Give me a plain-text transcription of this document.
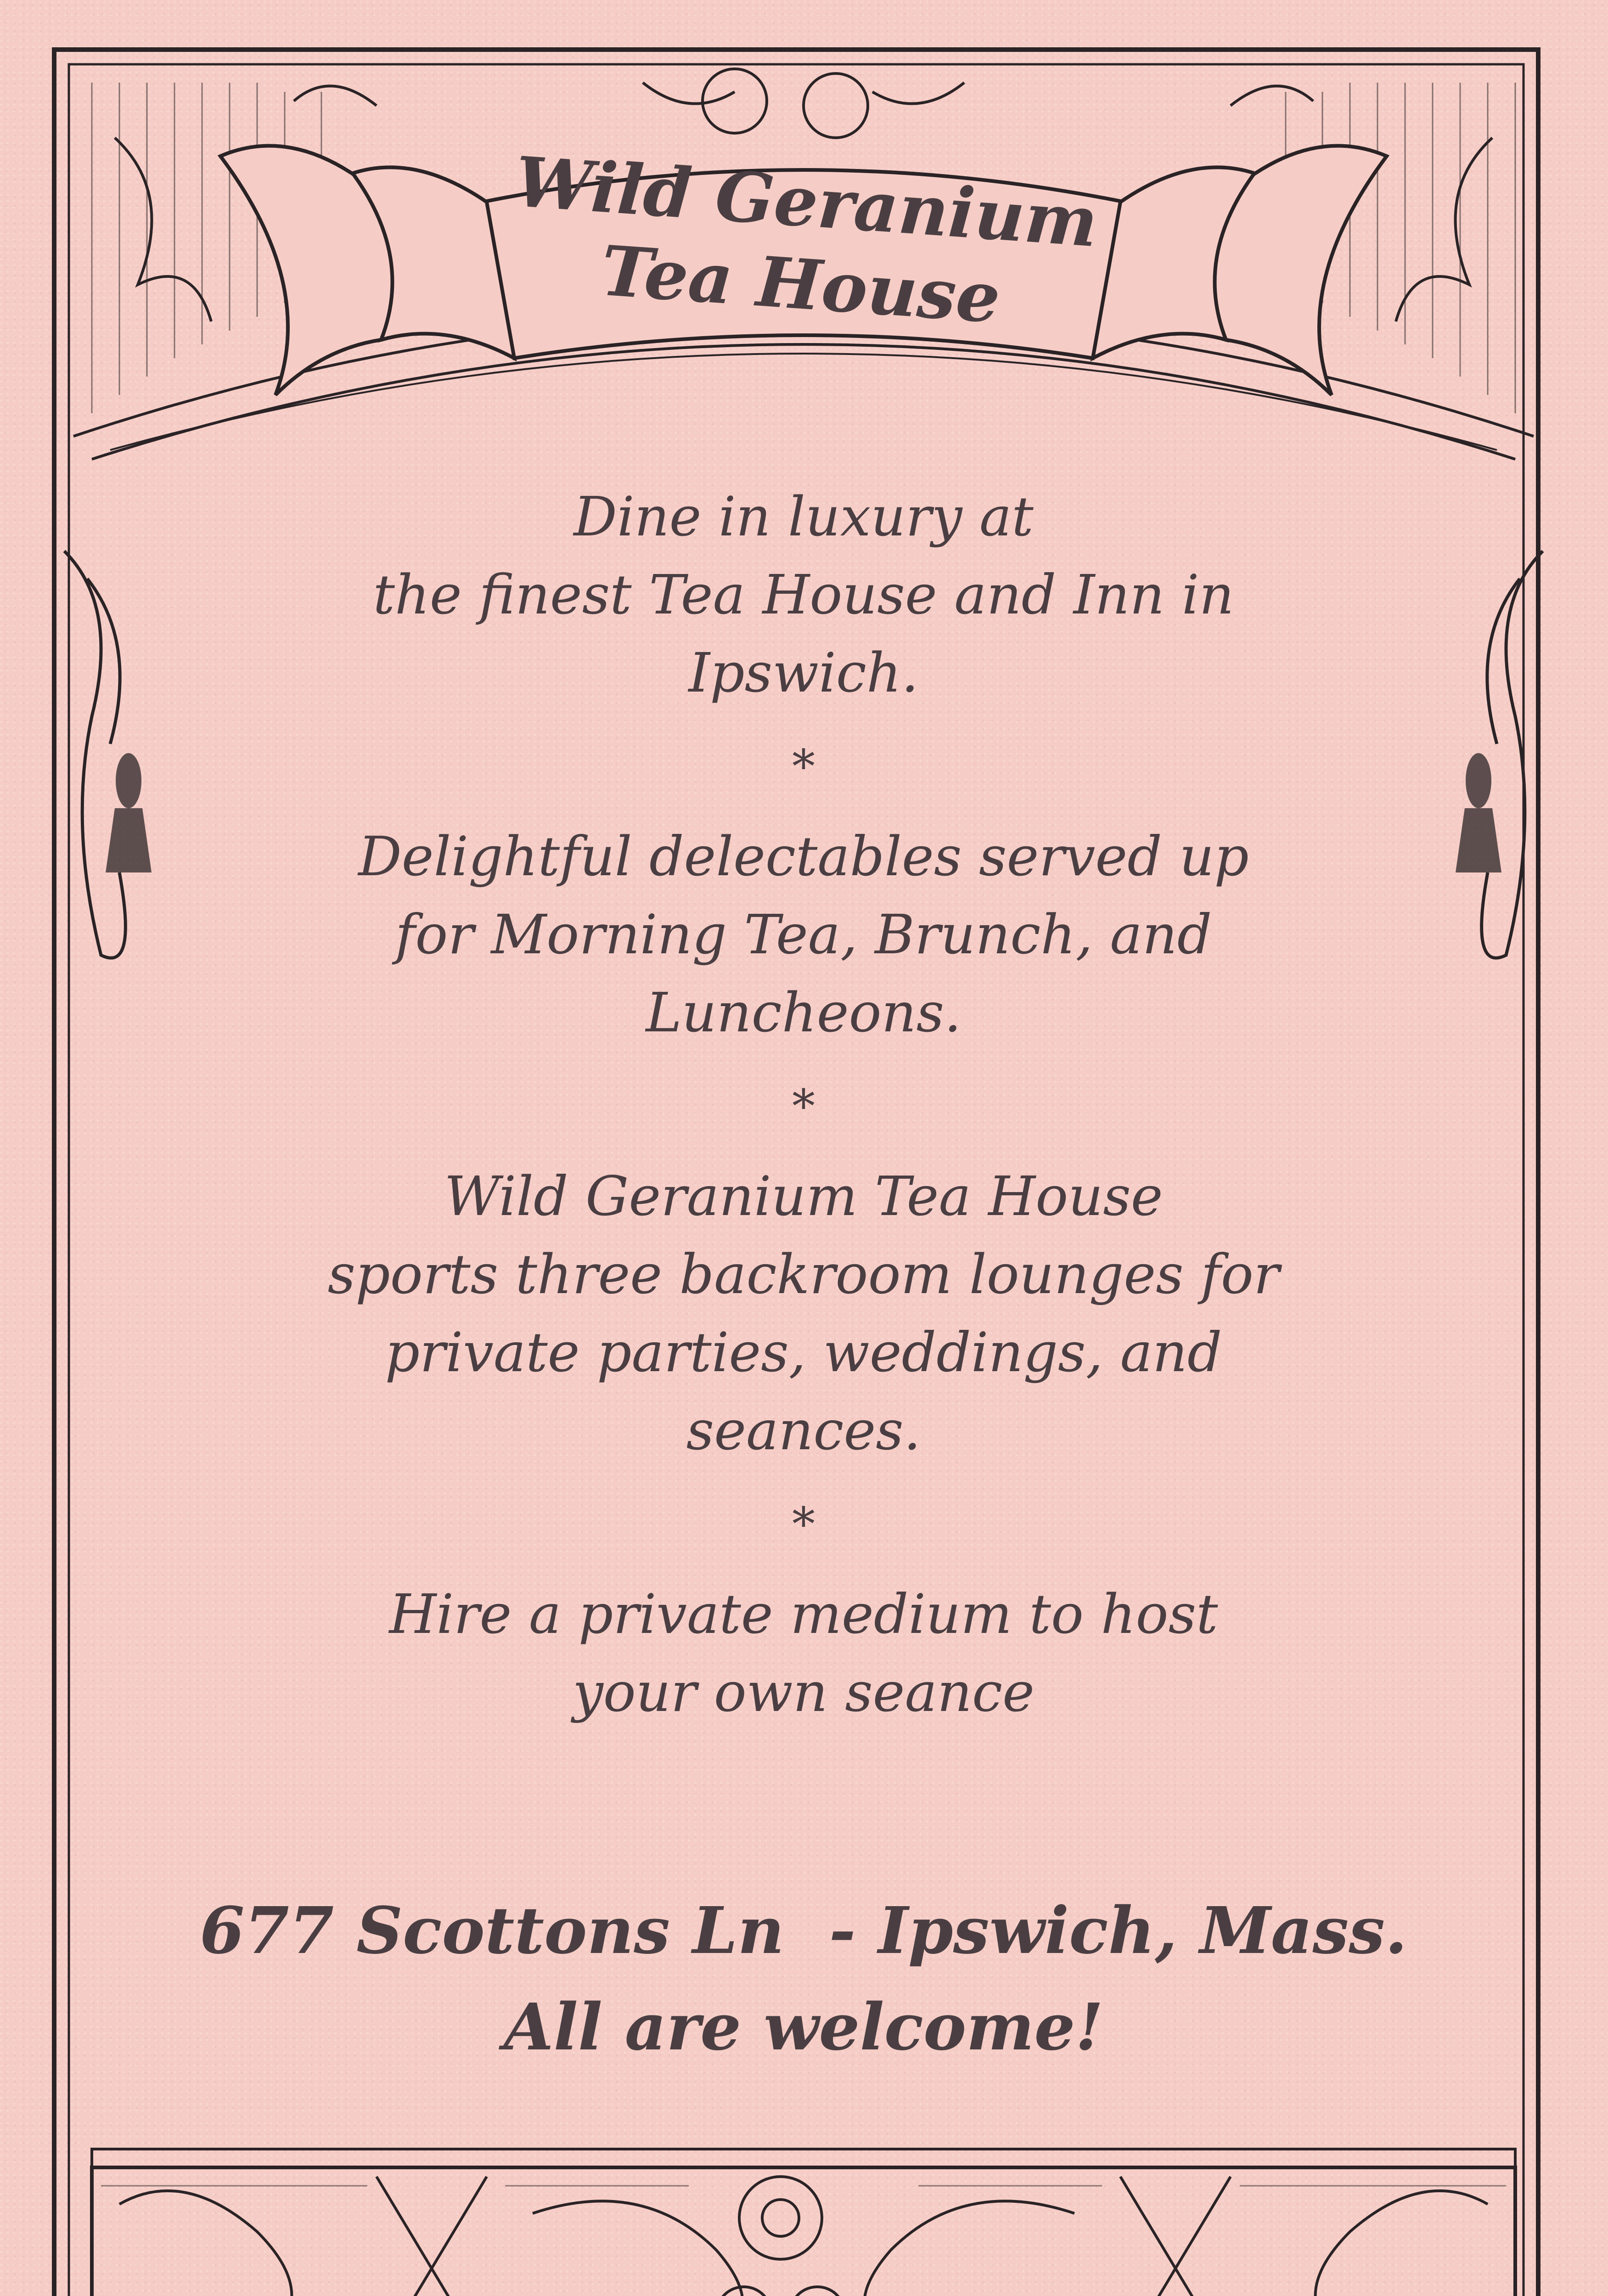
Wild Geranium
Tea House

Dine in luxury at
the finest Tea House and Inn in
Ipswich.

*

Delightful delectables served up
for Morning Tea, Brunch, and
Luncheons.

*

Wild Geranium Tea House
sports three backroom lounges for
private parties, weddings, and
seances.

*

Hire a private medium to host
your own seance

677 Scottons Ln  - Ipswich, Mass.
All are welcome!
